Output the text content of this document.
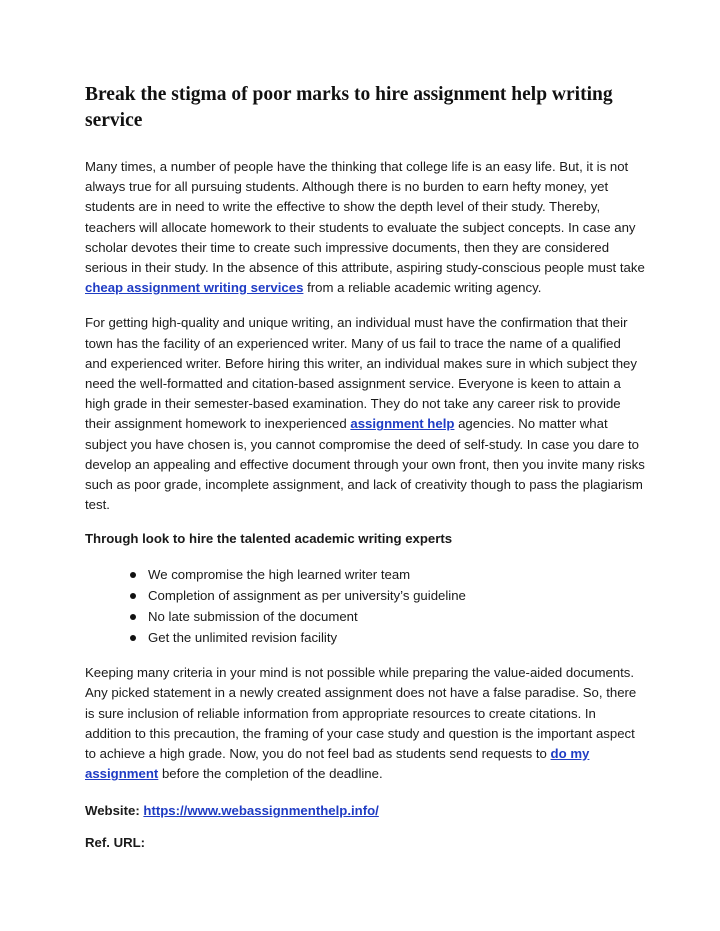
Break the stigma of poor marks to hire assignment help writing service

Many times, a number of people have the thinking that college life is an easy life. But, it is not always true for all pursuing students. Although there is no burden to earn hefty money, yet students are in need to write the effective to show the depth level of their study. Thereby, teachers will allocate homework to their students to evaluate the subject concepts. In case any scholar devotes their time to create such impressive documents, then they are considered serious in their study. In the absence of this attribute, aspiring study-conscious people must take cheap assignment writing services from a reliable academic writing agency.

For getting high-quality and unique writing, an individual must have the confirmation that their town has the facility of an experienced writer. Many of us fail to trace the name of a qualified and experienced writer. Before hiring this writer, an individual makes sure in which subject they need the well-formatted and citation-based assignment service. Everyone is keen to attain a high grade in their semester-based examination. They do not take any career risk to provide their assignment homework to inexperienced assignment help agencies. No matter what subject you have chosen is, you cannot compromise the deed of self-study. In case you dare to develop an appealing and effective document through your own front, then you invite many risks such as poor grade, incomplete assignment, and lack of creativity though to pass the plagiarism test.

Through look to hire the talented academic writing experts
We compromise the high learned writer team
Completion of assignment as per university’s guideline
No late submission of the document
Get the unlimited revision facility

Keeping many criteria in your mind is not possible while preparing the value-aided documents. Any picked statement in a newly created assignment does not have a false paradise. So, there is sure inclusion of reliable information from appropriate resources to create citations. In addition to this precaution, the framing of your case study and question is the important aspect to achieve a high grade. Now, you do not feel bad as students send requests to do my assignment before the completion of the deadline.

Website: https://www.webassignmenthelp.info/
Ref. URL:
